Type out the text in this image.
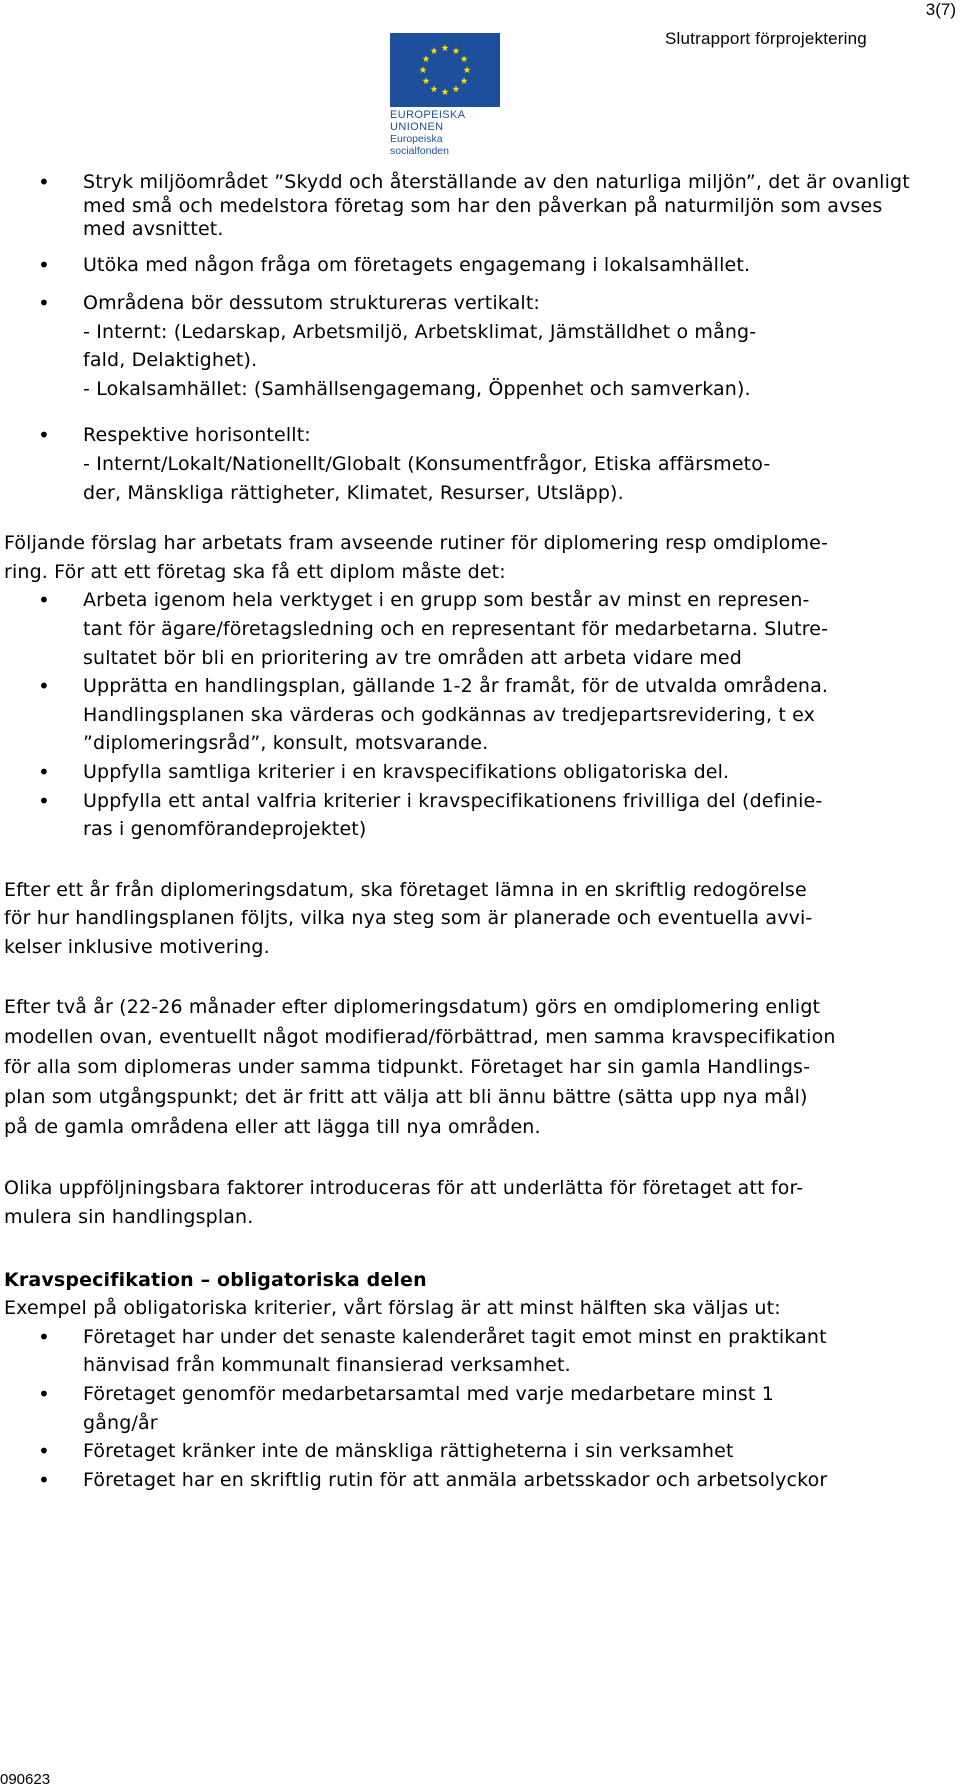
3(7)
Slutrapport förprojektering
EUROPEISKA UNIONEN
Europeiska socialfonden
• Stryk miljöområdet ”Skydd och återställande av den naturliga miljön”, det är ovanligt med små och medelstora företag som har den påverkan på naturmiljön som avses med avsnittet.
• Utöka med någon fråga om företagets engagemang i lokalsamhället.
• Områdena bör dessutom struktureras vertikalt:
- Internt: (Ledarskap, Arbetsmiljö, Arbetsklimat, Jämställdhet o mång-
fald, Delaktighet).
- Lokalsamhället: (Samhällsengagemang, Öppenhet och samverkan).
• Respektive horisontellt:
- Internt/Lokalt/Nationellt/Globalt (Konsumentfrågor, Etiska affärsmeto-
der, Mänskliga rättigheter, Klimatet, Resurser, Utsläpp).

Följande förslag har arbetats fram avseende rutiner för diplomering resp omdiplome-
ring. För att ett företag ska få ett diplom måste det:

• Arbeta igenom hela verktyget i en grupp som består av minst en represen-
tant för ägare/företagsledning och en representant för medarbetarna. Slutre-
sultatet bör bli en prioritering av tre områden att arbeta vidare med
• Upprätta en handlingsplan, gällande 1-2 år framåt, för de utvalda områdena.
Handlingsplanen ska värderas och godkännas av tredjepartsrevidering, t ex
”diplomeringsråd”, konsult, motsvarande.
• Uppfylla samtliga kriterier i en kravspecifikations obligatoriska del.
• Uppfylla ett antal valfria kriterier i kravspecifikationens frivilliga del (definie-
ras i genomförandeprojektet)

Efter ett år från diplomeringsdatum, ska företaget lämna in en skriftlig redogörelse
för hur handlingsplanen följts, vilka nya steg som är planerade och eventuella avvi-
kelser inklusive motivering.

Efter två år (22-26 månader efter diplomeringsdatum) görs en omdiplomering enligt
modellen ovan, eventuellt något modifierad/förbättrad, men samma kravspecifikation
för alla som diplomeras under samma tidpunkt. Företaget har sin gamla Handlings-
plan som utgångspunkt; det är fritt att välja att bli ännu bättre (sätta upp nya mål)
på de gamla områdena eller att lägga till nya områden.

Olika uppföljningsbara faktorer introduceras för att underlätta för företaget att for-
mulera sin handlingsplan.

Kravspecifikation – obligatoriska delen

Exempel på obligatoriska kriterier, vårt förslag är att minst hälften ska väljas ut:

• Företaget har under det senaste kalenderåret tagit emot minst en praktikant
hänvisad från kommunalt finansierad verksamhet.
• Företaget genomför medarbetarsamtal med varje medarbetare minst 1
gång/år
• Företaget kränker inte de mänskliga rättigheterna i sin verksamhet
• Företaget har en skriftlig rutin för att anmäla arbetsskador och arbetsolyckor
090623
